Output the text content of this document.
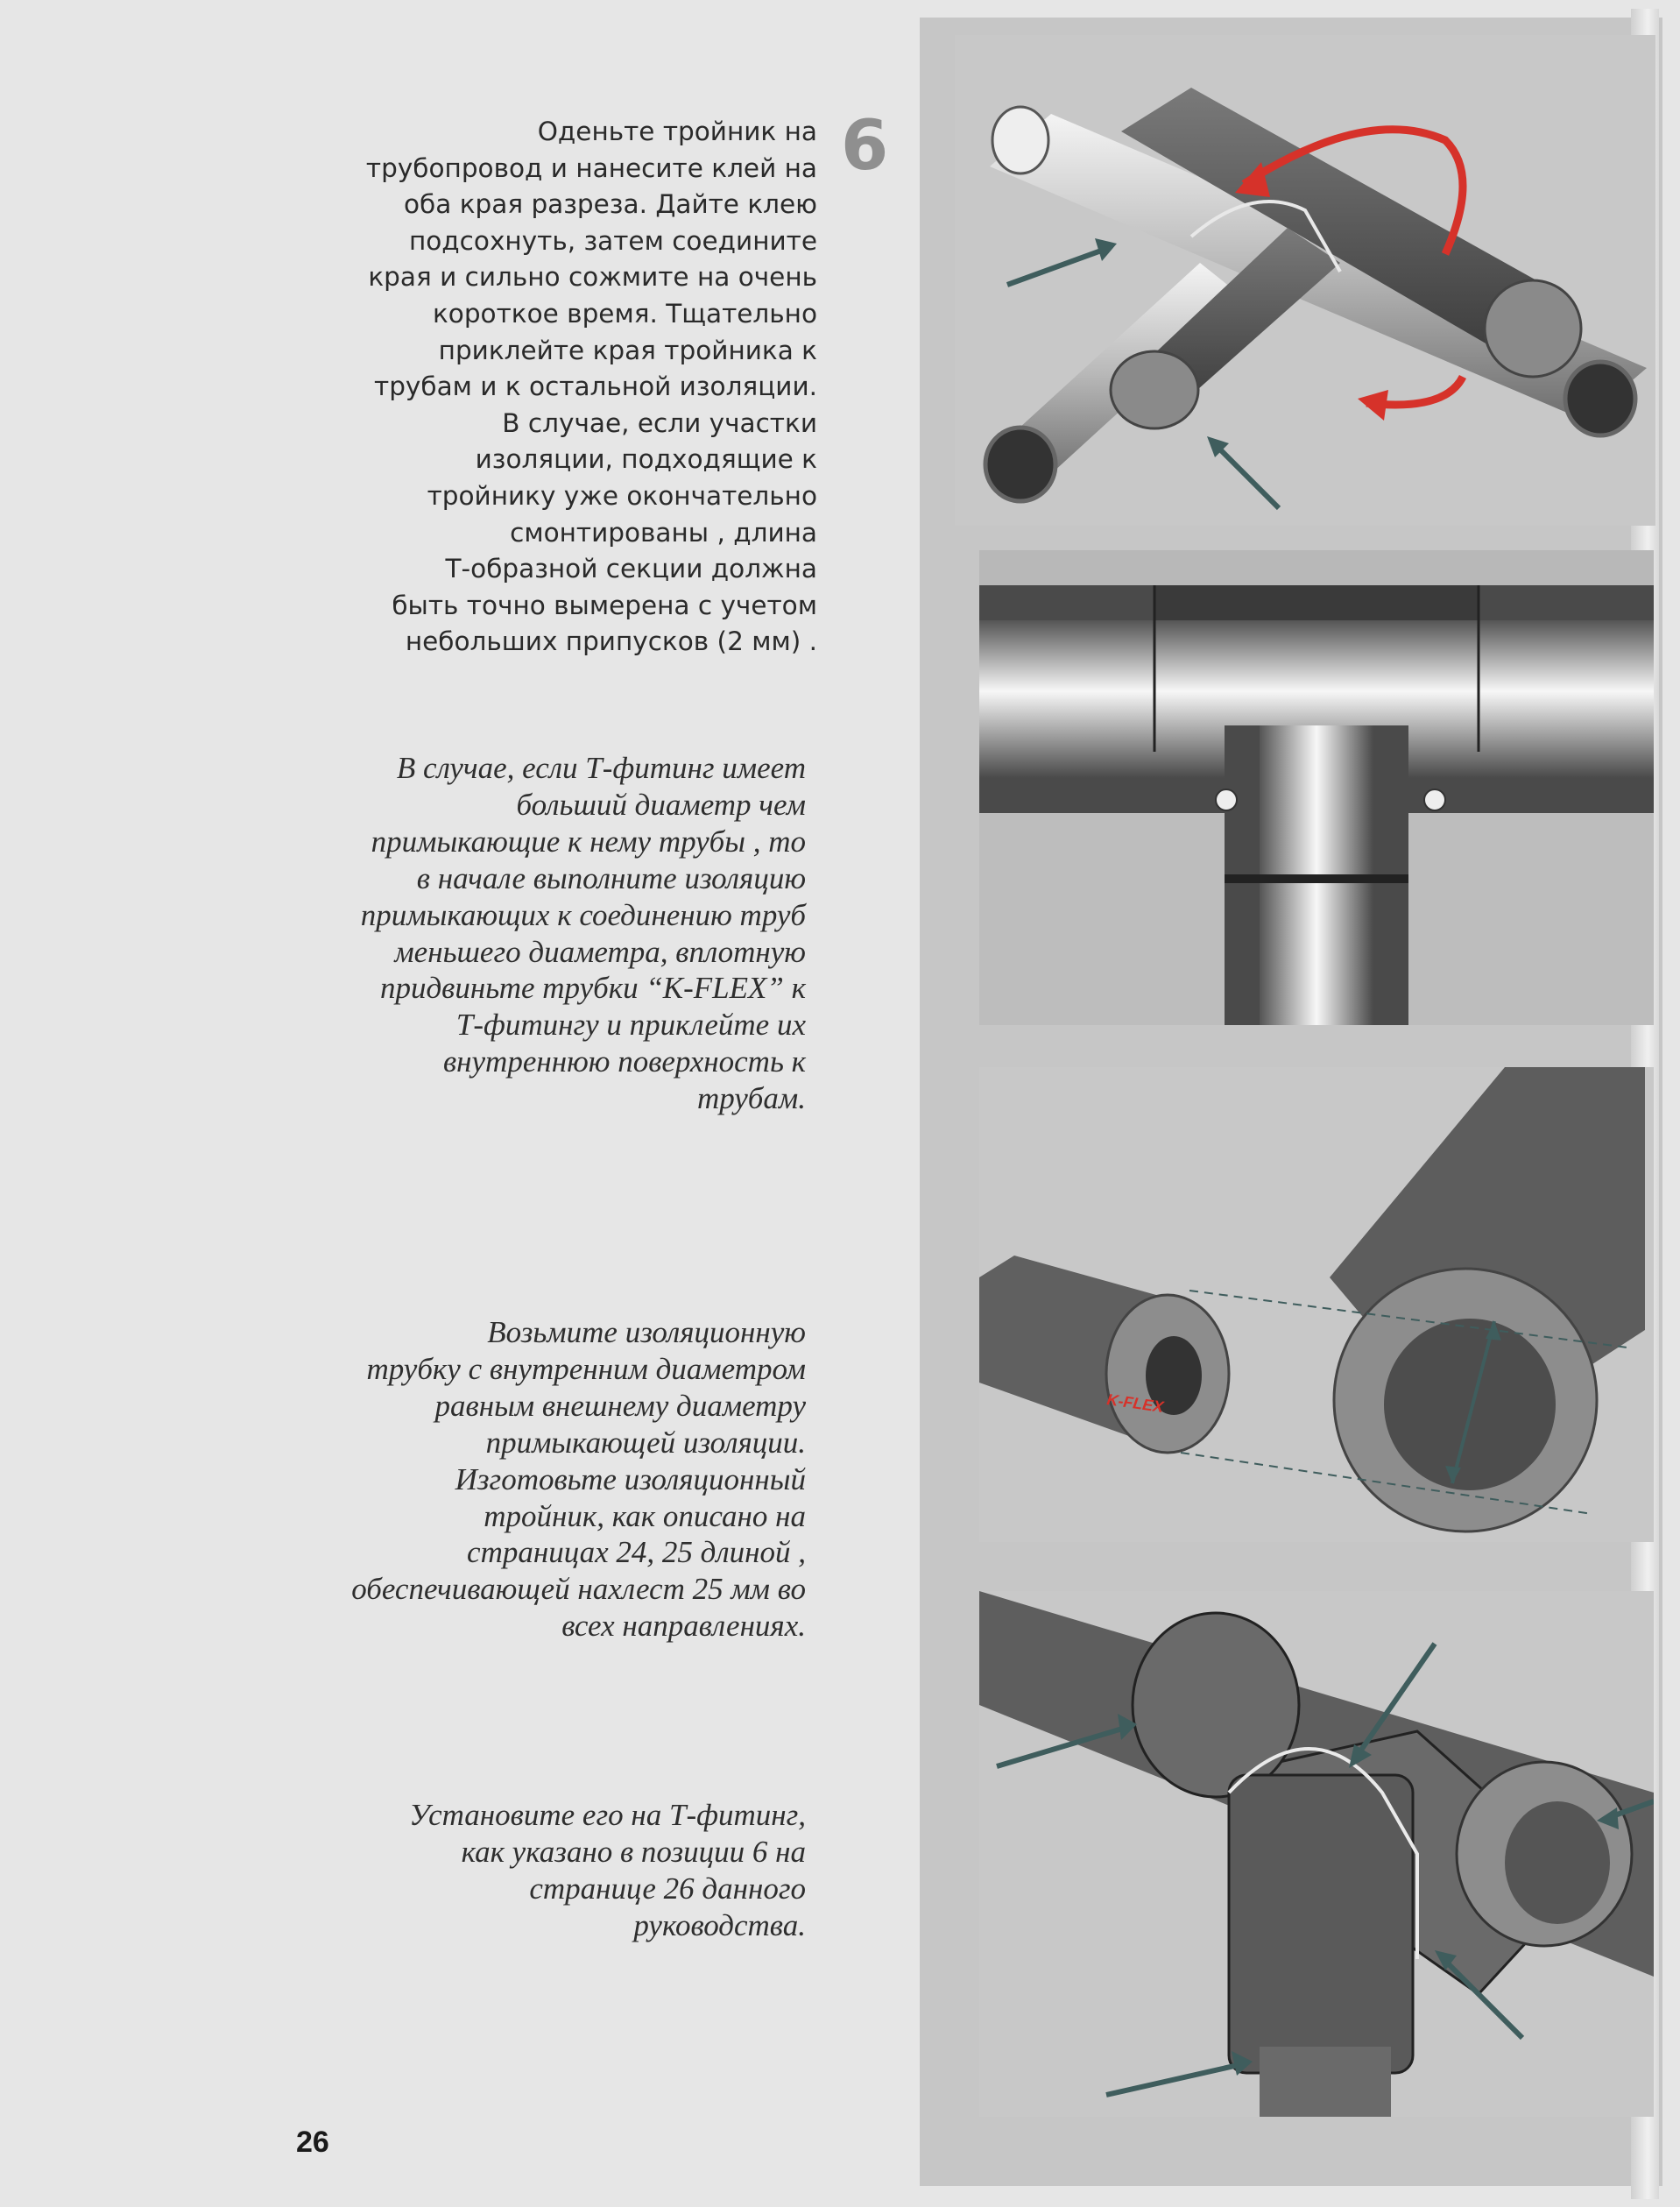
K-FLEX
6
Оденьте тройник на
трубопровод и нанесите клей на
оба края разреза. Дайте клею
подсохнуть, затем соедините
края и сильно сожмите на очень
короткое время. Тщательно
приклейте края тройника к
трубам и к остальной изоляции.
В случае, если участки
изоляции, подходящие к
тройнику уже окончательно
смонтированы , длина
Т-образной секции должна
быть точно вымерена с учетом
небольших припусков (2 мм) .
В случае, если Т-фитинг имеет
больший диаметр чем
примыкающие к нему трубы , то
в начале выполните изоляцию
примыкающих к соединению труб
меньшего диаметра, вплотную
придвиньте трубки “K-FLEX” к
Т-фитингу и приклейте их
внутреннюю поверхность к
трубам.
Возьмите изоляционную
трубку с внутренним диаметром
равным внешнему диаметру
примыкающей изоляции.
Изготовьте изоляционный
тройник, как описано на
страницах 24, 25 длиной ,
обеспечивающей нахлест 25 мм во
всех направлениях.
Установите его на Т-фитинг,
как указано в позиции 6 на
странице 26 данного
руководства.
26
